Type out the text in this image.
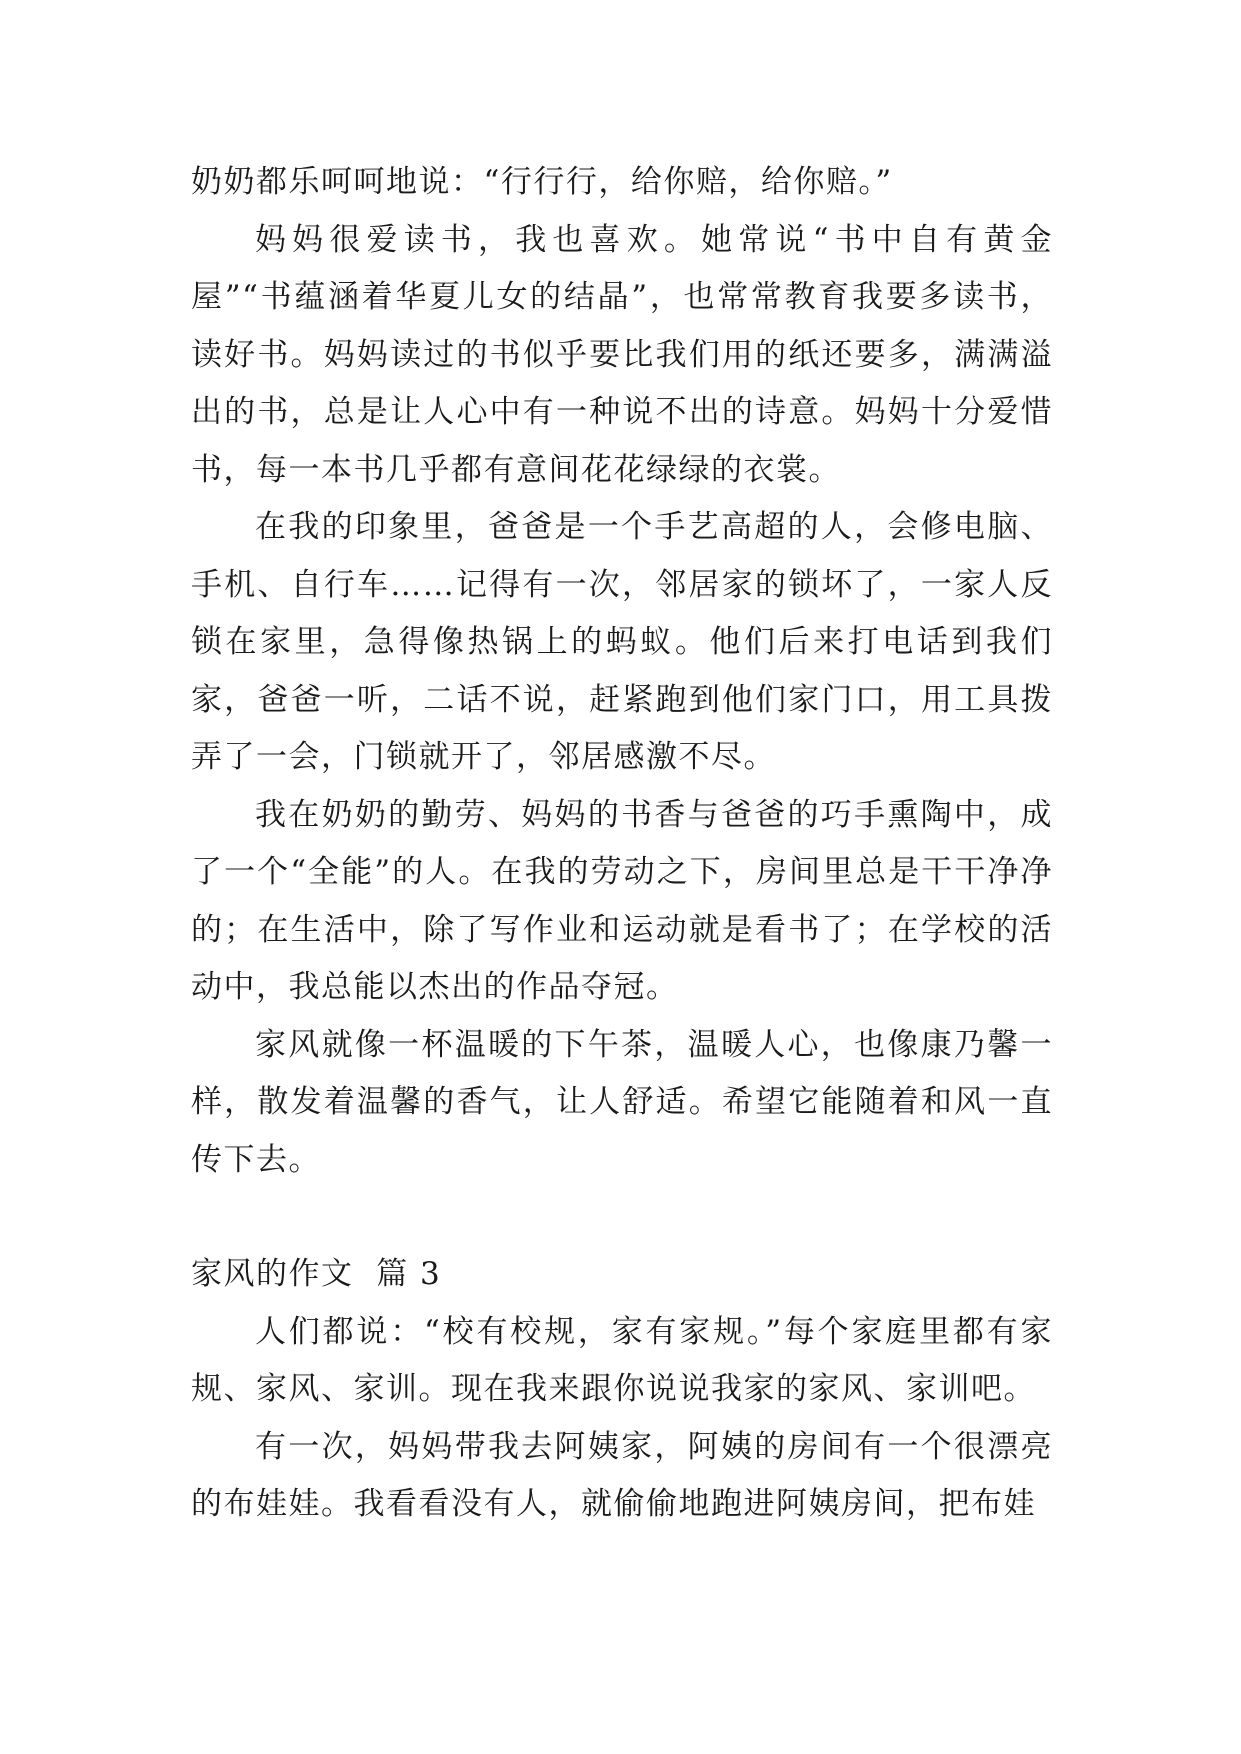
奶奶都乐呵呵地说：“行行行，给你赔，给你赔。”

妈妈很爱读书，我也喜欢。她常说“书中自有黄金屋”“书蕴涵着华夏儿女的结晶”，也常常教育我要多读书，读好书。妈妈读过的书似乎要比我们用的纸还要多，满满溢出的书，总是让人心中有一种说不出的诗意。妈妈十分爱惜书，每一本书几乎都有意间花花绿绿的衣裳。

在我的印象里，爸爸是一个手艺高超的人，会修电脑、手机、自行车……记得有一次，邻居家的锁坏了，一家人反锁在家里，急得像热锅上的蚂蚁。他们后来打电话到我们家，爸爸一听，二话不说，赶紧跑到他们家门口，用工具拨弄了一会，门锁就开了，邻居感激不尽。

我在奶奶的勤劳、妈妈的书香与爸爸的巧手熏陶中，成了一个“全能”的人。在我的劳动之下，房间里总是干干净净的；在生活中，除了写作业和运动就是看书了；在学校的活动中，我总能以杰出的作品夺冠。

家风就像一杯温暖的下午茶，温暖人心，也像康乃馨一样，散发着温馨的香气，让人舒适。希望它能随着和风一直传下去。

家风的作文  篇 3

人们都说：“校有校规，家有家规。”每个家庭里都有家规、家风、家训。现在我来跟你说说我家的家风、家训吧。

有一次，妈妈带我去阿姨家，阿姨的房间有一个很漂亮的布娃娃。我看看没有人，就偷偷地跑进阿姨房间，把布娃
